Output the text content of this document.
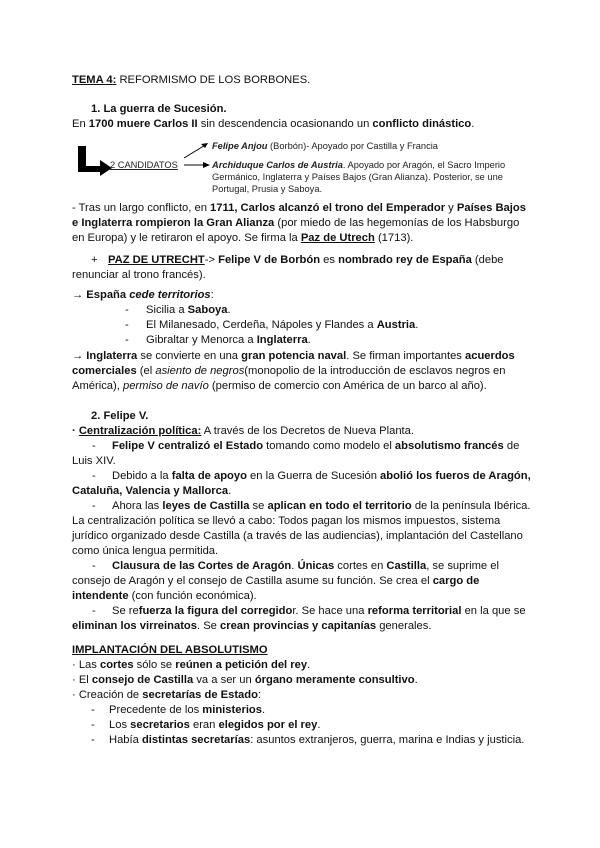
TEMA 4: REFORMISMO DE LOS BORBONES.
1. La guerra de Sucesión.
En 1700 muere Carlos II sin descendencia ocasionando un conflicto dinástico.
2 CANDIDATOS
Felipe Anjou (Borbón)- Apoyado por Castilla y Francia
Archiduque Carlos de Austria. Apoyado por Aragón, el Sacro Imperio
Germánico, Inglaterra y Países Bajos (Gran Alianza). Posterior, se une
Portugal, Prusia y Saboya.
- Tras un largo conflicto, en 1711, Carlos alcanzó el trono del Emperador y Países Bajos e Inglaterra rompieron la Gran Alianza (por miedo de las hegemonías de los Habsburgo en Europa) y le retiraron el apoyo. Se firma la Paz de Utrech (1713).
+ PAZ DE UTRECHT-> Felipe V de Borbón es nombrado rey de España (debe renunciar al trono francés).
→ España cede territorios:
- Sicilia a Saboya.
- El Milanesado, Cerdeña, Nápoles y Flandes a Austria.
- Gibraltar y Menorca a Inglaterra.
→ Inglaterra se convierte en una gran potencia naval. Se firman importantes acuerdos comerciales (el asiento de negros(monopolio de la introducción de esclavos negros en América), permiso de navío (permiso de comercio con América de un barco al año).
2. Felipe V.
· Centralización política: A través de los Decretos de Nueva Planta.
- Felipe V centralizó el Estado tomando como modelo el absolutismo francés de Luis XIV.
- Debido a la falta de apoyo en la Guerra de Sucesión abolió los fueros de Aragón, Cataluña, Valencia y Mallorca.
- Ahora las leyes de Castilla se aplican en todo el territorio de la península Ibérica. La centralización política se llevó a cabo: Todos pagan los mismos impuestos, sistema jurídico organizado desde Castilla (a través de las audiencias), implantación del Castellano como única lengua permitida.
- Clausura de las Cortes de Aragón. Únicas cortes en Castilla, se suprime el consejo de Aragón y el consejo de Castilla asume su función. Se crea el cargo de intendente (con función económica).
- Se refuerza la figura del corregidor. Se hace una reforma territorial en la que se eliminan los virreinatos. Se crean provincias y capitanías generales.
IMPLANTACIÓN DEL ABSOLUTISMO
· Las cortes sólo se reúnen a petición del rey.
· El consejo de Castilla va a ser un órgano meramente consultivo.
· Creación de secretarías de Estado:
- Precedente de los ministerios.
- Los secretarios eran elegidos por el rey.
- Había distintas secretarías: asuntos extranjeros, guerra, marina e Indias y justicia.
